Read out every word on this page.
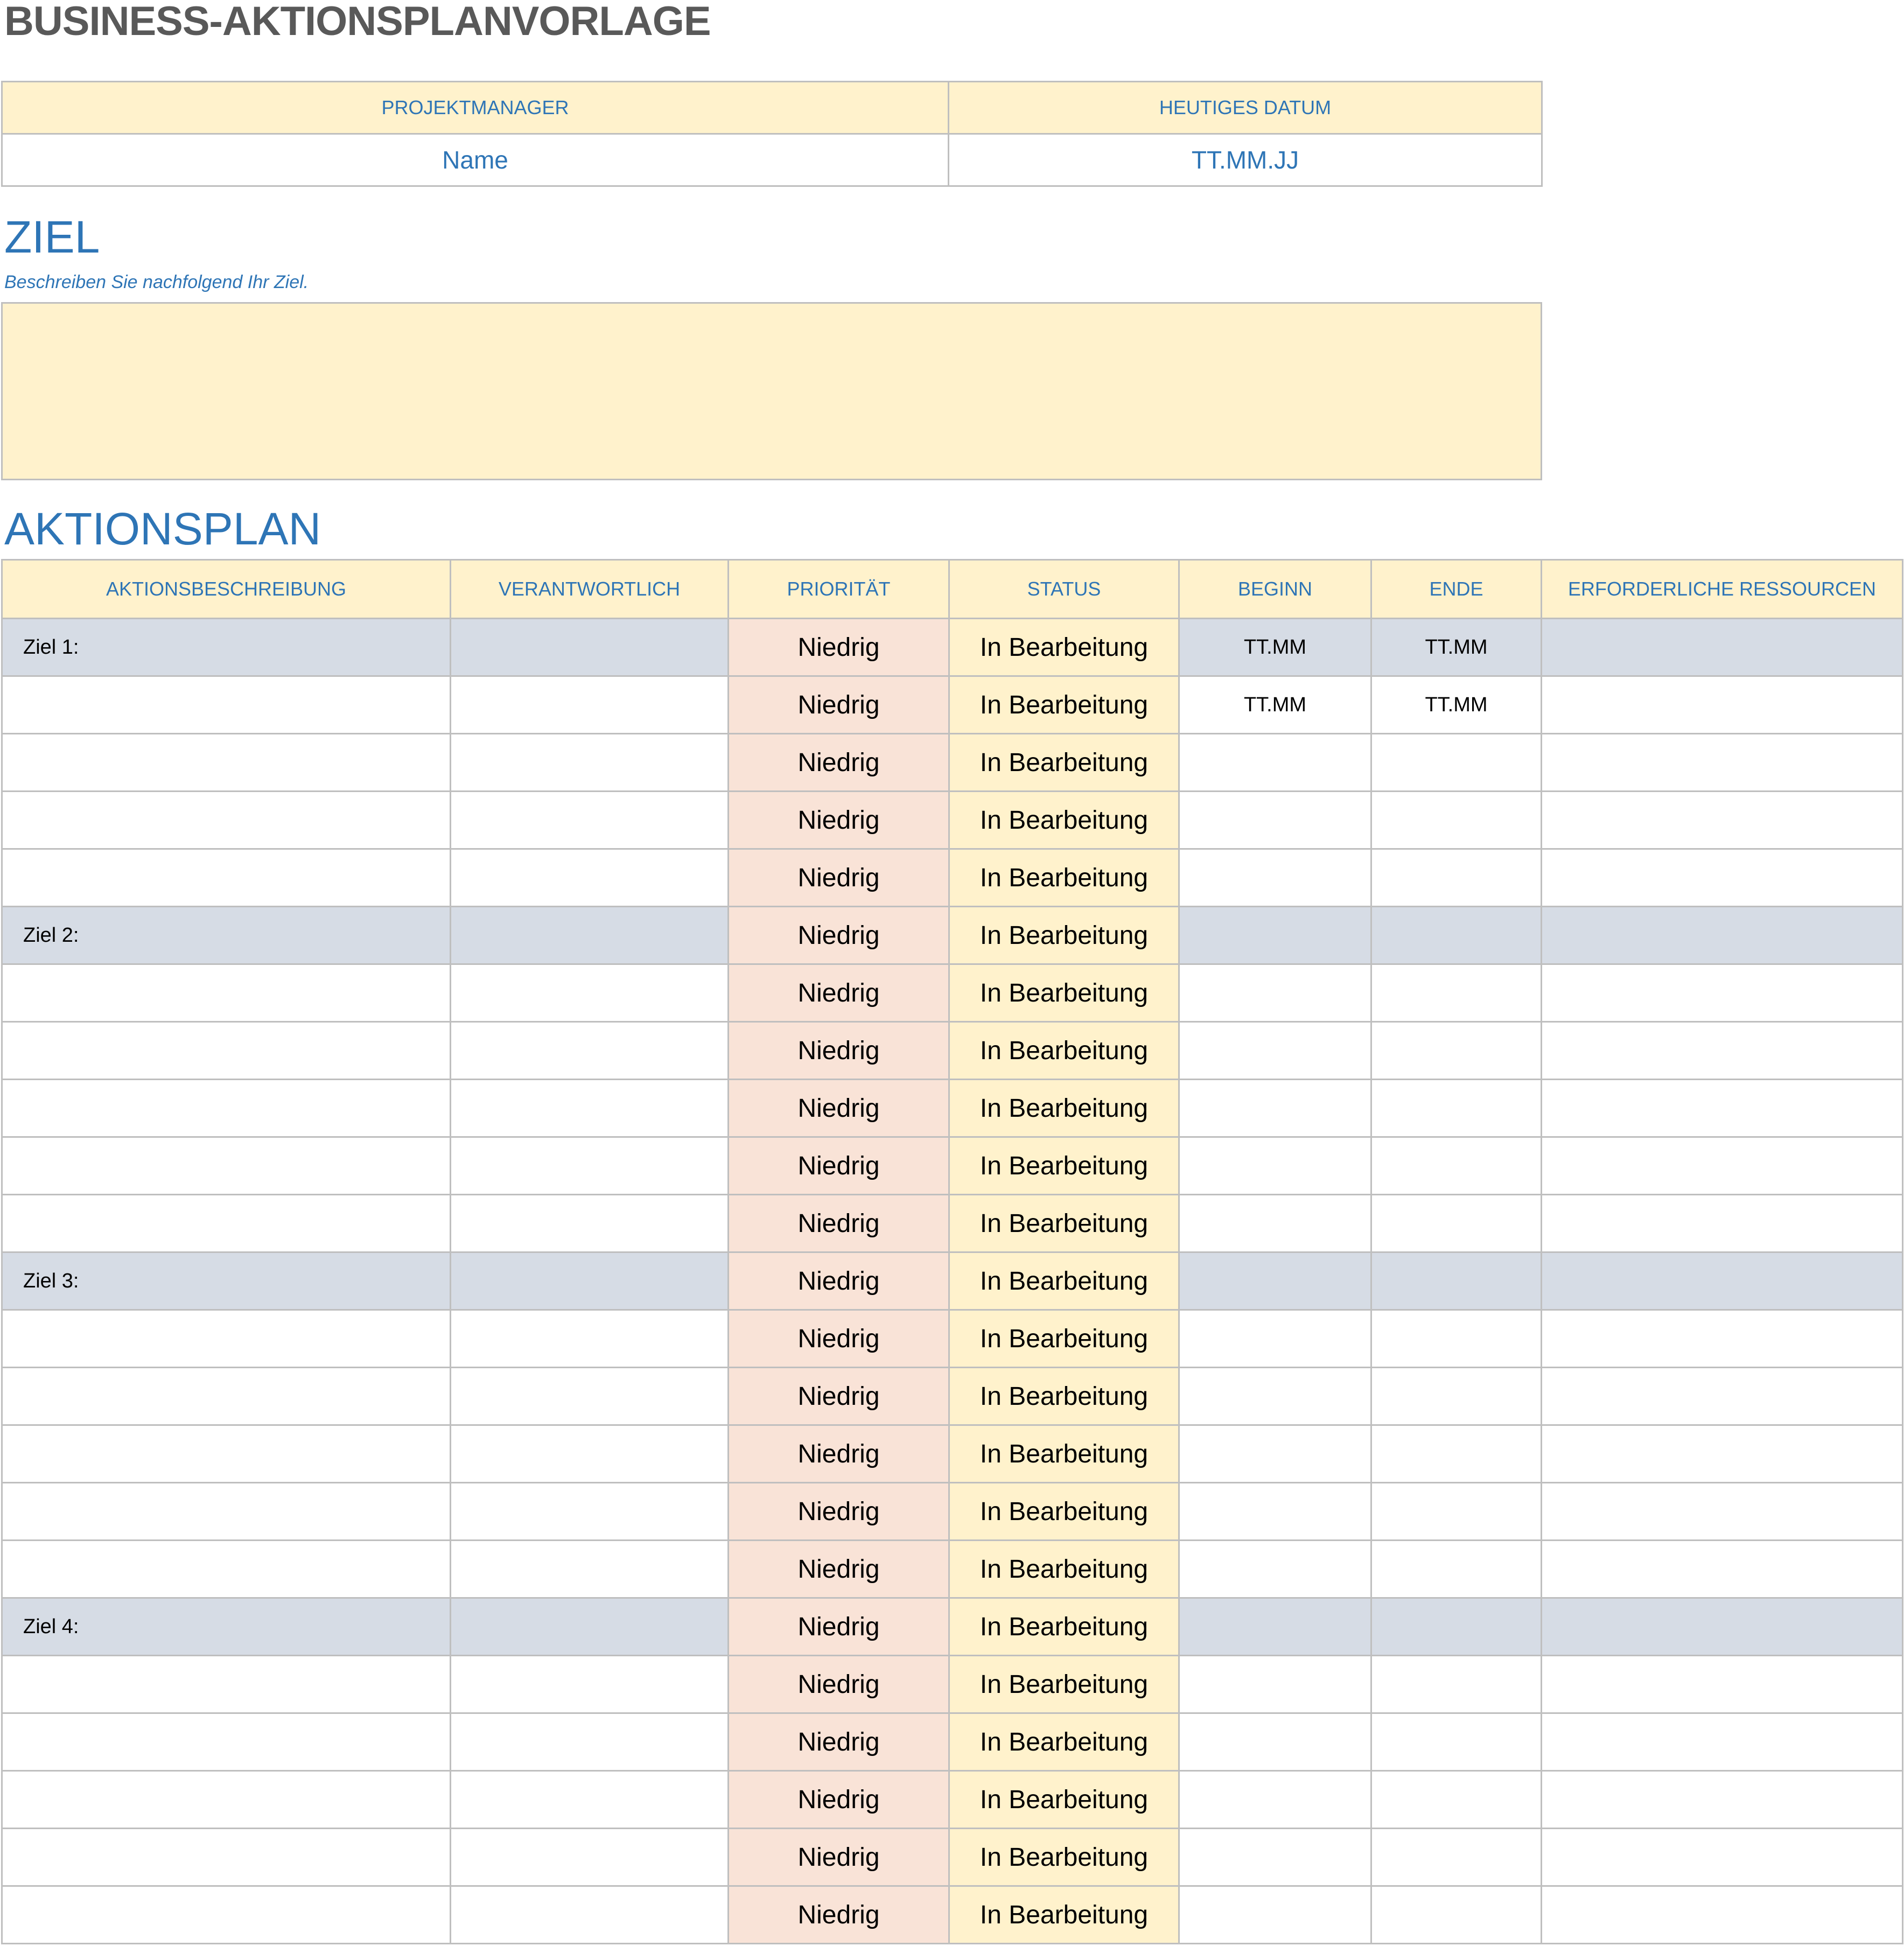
BUSINESS-AKTIONSPLANVORLAGE
PROJEKTMANAGER	HEUTIGES DATUM
Name	TT.MM.JJ
ZIEL
Beschreiben Sie nachfolgend Ihr Ziel.
AKTIONSPLAN
AKTIONSBESCHREIBUNG	VERANTWORTLICH	PRIORITÄT	STATUS	BEGINN	ENDE	ERFORDERLICHE RESSOURCEN
Ziel 1:		Niedrig	In Bearbeitung	TT.MM	TT.MM	
		Niedrig	In Bearbeitung	TT.MM	TT.MM	
		Niedrig	In Bearbeitung			
		Niedrig	In Bearbeitung			
		Niedrig	In Bearbeitung			
Ziel 2:		Niedrig	In Bearbeitung			
		Niedrig	In Bearbeitung			
		Niedrig	In Bearbeitung			
		Niedrig	In Bearbeitung			
		Niedrig	In Bearbeitung			
		Niedrig	In Bearbeitung			
Ziel 3:		Niedrig	In Bearbeitung			
		Niedrig	In Bearbeitung			
		Niedrig	In Bearbeitung			
		Niedrig	In Bearbeitung			
		Niedrig	In Bearbeitung			
		Niedrig	In Bearbeitung			
Ziel 4:		Niedrig	In Bearbeitung			
		Niedrig	In Bearbeitung			
		Niedrig	In Bearbeitung			
		Niedrig	In Bearbeitung			
		Niedrig	In Bearbeitung			
		Niedrig	In Bearbeitung			
